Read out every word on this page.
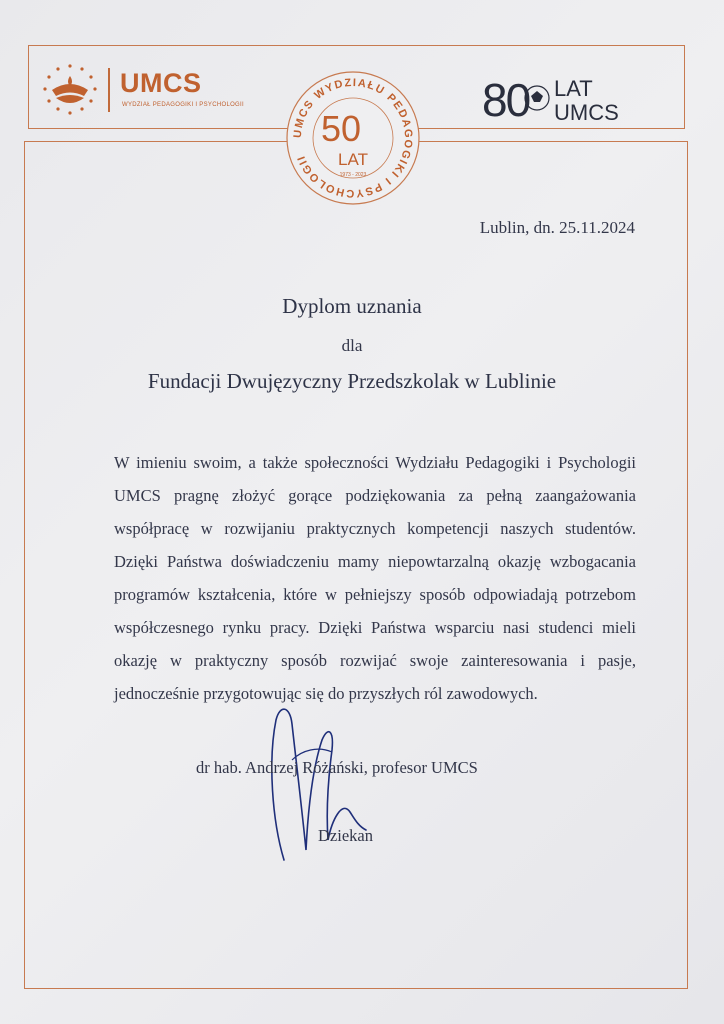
UMCS
WYDZIAŁ PEDAGOGIKI I PSYCHOLOGII
UMCS WYDZIAŁU PEDAGOGIKI I PSYCHOLOGII
50
LAT
1973 - 2023
80 LAT
UMCS
Lublin, dn. 25.11.2024
Dyplom uznania
dla
Fundacji Dwujęzyczny Przedszkolak w Lublinie

W imieniu swoim, a także społeczności Wydziału Pedagogiki i Psychologii UMCS pragnę złożyć gorące podziękowania za pełną zaangażowania współpracę w rozwijaniu praktycznych kompetencji naszych studentów. Dzięki Państwa doświadczeniu mamy niepowtarzalną okazję wzbogacania programów kształcenia, które w pełniejszy sposób odpowiadają potrzebom współczesnego rynku pracy. Dzięki Państwa wsparciu nasi studenci mieli okazję w praktyczny sposób rozwijać swoje zainteresowania i pasje, jednocześnie przygotowując się do przyszłych ról zawodowych.

dr hab. Andrzej Różański, profesor UMCS
Dziekan
